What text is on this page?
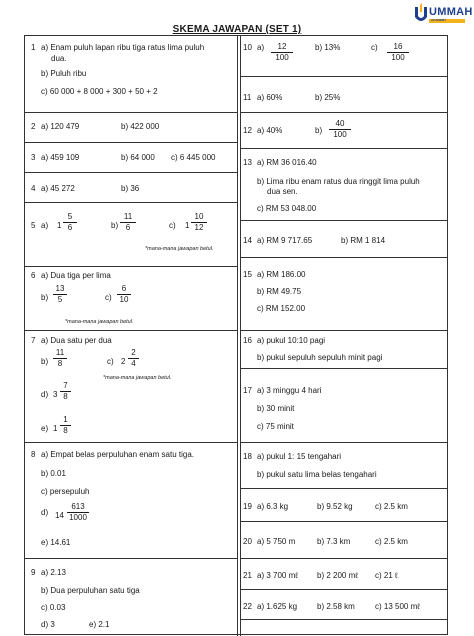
SKEMA JAWAPAN (SET 1)
UMMAH
ACADEMY
1 a) Enam puluh lapan ribu tiga ratus lima puluh
dua.
b) Puluh ribu
c) 60 000 + 8 000 + 300 + 50 + 2
2 a) 120 479	b) 422 000
3 a) 459 109	b) 64 000 c) 6 445 000
4 a) 45 272	b) 36
5 a) $1 \frac{5}{6}$	$b) \frac{11}{6}$	c) $1 \frac{10}{12}$
*mana-mana jawapan betul.
6 a) Dua tiga per lima
$b) \frac{13}{5}$	$c) \frac{6}{10}$
*mana-mana jawapan betul.
7 a) Dua satu per dua
$b) \frac{11}{8}$	c) $2 \frac{2}{4}$
*mana-mana jawapan betul.
d) $3 \frac{7}{8}$
e) $1 \frac{1}{8}$
8 a) Empat belas perpuluhan enam satu tiga.
b) 0.01
c) persepuluh
d) $14 \frac{613}{1000}$
e) 14.61
9 a) 2.13
b) Dua perpuluhan satu tiga
c) 0.03
d) 3	e) 2.1
10 $a) \frac{12}{100}$	b) 13%	$c) \frac{16}{100}$
11 a) 60%	b) 25%
12 a) 40%	$b) \frac{40}{100}$
13 a) RM 36 016.40
b) Lima ribu enam ratus dua ringgit lima puluh
dua sen.
c) RM 53 048.00
14 a) RM 9 717.65	b) RM 1 814
15 a) RM 186.00
b) RM 49.75
c) RM 152.00
16 a) pukul 10:10 pagi
b) pukul sepuluh sepuluh minit pagi
17 a) 3 minggu 4 hari
b) 30 minit
c) 75 minit
18 a) pukul 1: 15 tengahari
b) pukul satu lima belas tengahari
19 a) 6.3 kg	b) 9.52 kg	c) 2.5 km
20 a) 5 750 m	b) 7.3 km	c) 2.5 km
21 a) 3 700 mℓ b) 2 200 mℓ c) 21 ℓ
22 a) 1.625 kg b) 2.58 km	c) 13 500 mℓ
